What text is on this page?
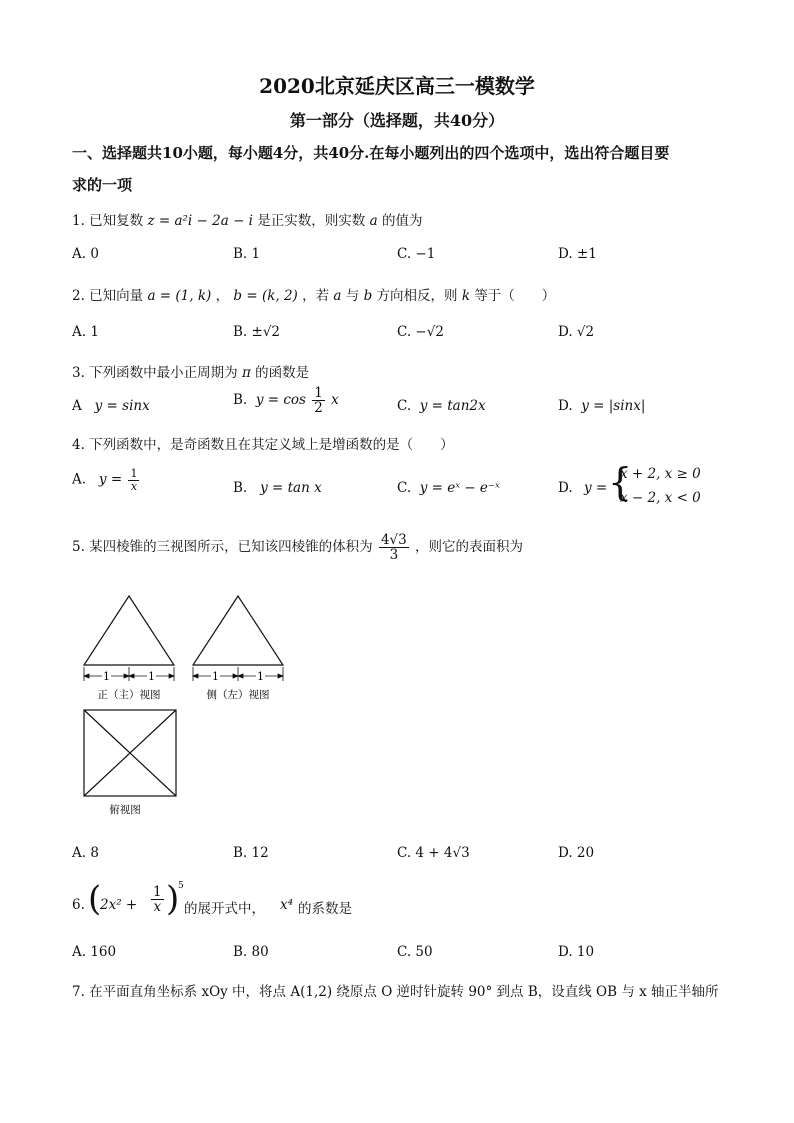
2020北京延庆区高三一模数学
第一部分（选择题，共40分）
一、选择题共10小题，每小题4分，共40分.在每小题列出的四个选项中，选出符合题目要
求的一项
1. 已知复数 z = a²i − 2a − i 是正实数，则实数 a 的值为
A. 0	B. 1	C. −1	D. ±1
2. 已知向量 a = (1, k) ， b = (k, 2) ，若 a 与 b 方向相反，则 k 等于（　　）
A. 1	B. ±√2	C. −√2	D. √2
3. 下列函数中最小正周期为 π 的函数是
A y = sinx	B. $y = \cos \frac{1}{2}$ x	C. y = tan2x	D. y = |sinx|
4. 下列函数中，是奇函数且在其定义域上是增函数的是（　　）
A. $y = \frac{1}{x}$	B. y = tan x	C. y = eˣ − e⁻ˣ	D. y = {
x + 2, x ≥ 0
x − 2, x < 0
5. 某四棱锥的三视图所示，已知该四棱锥的体积为 $\frac{4√3}{3}$ ，则它的表面积为
1	1
正（主）视图
1	1
侧（左）视图
俯视图
A. 8	B. 12	C. 4 + 4√3	D. 20
6. (
$2x^2 + \frac{1}{x}$ )
5
的展开式中， x⁴ 的系数是
A. 160	B. 80	C. 50	D. 10
7. 在平面直角坐标系 xOy 中，将点 A(1,2) 绕原点 O 逆时针旋转 90° 到点 B，设直线 OB 与 x 轴正半轴所
